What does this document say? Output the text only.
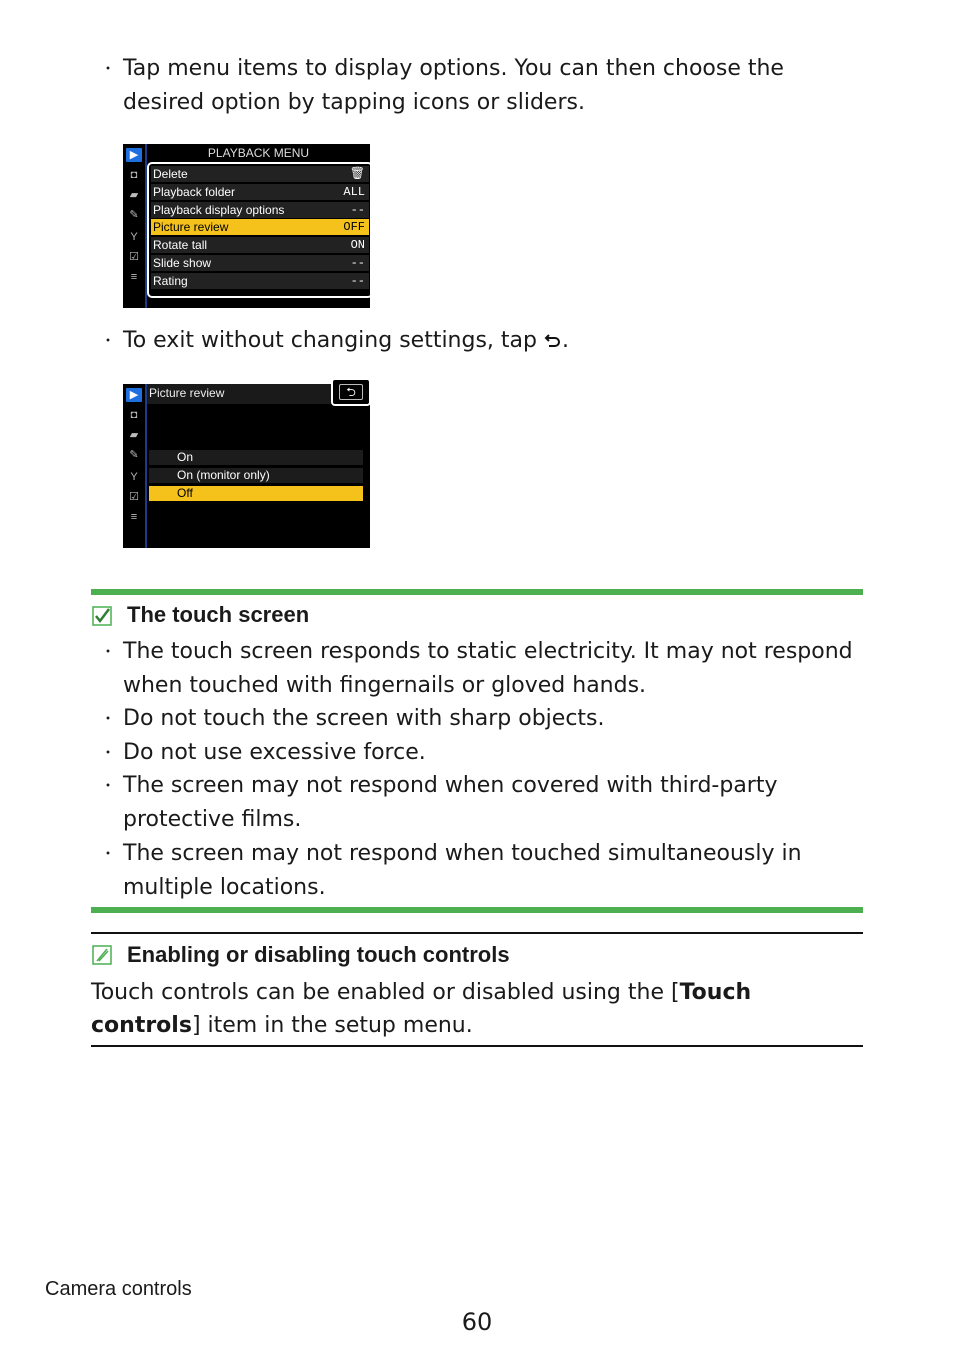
・ Tap menu items to display options. You can then choose the desired option by tapping icons or sliders.
▶
◘
▰
✎
Y
☑
≡
PLAYBACK MENU
Delete	🗑
Playback folder	ALL
Playback display options	--
Picture review	OFF
Rotate tall	ON
Slide show	--
Rating	--
・ To exit without changing settings, tap .
▶
◘
▰
✎
Y
☑
≡
Picture review	⮌
On
On (monitor only)
Off
The touch screen
・ The touch screen responds to static electricity. It may not respond when touched with fingernails or gloved hands.
・ Do not touch the screen with sharp objects.
・ Do not use excessive force.
・ The screen may not respond when covered with third-party protective films.
・ The screen may not respond when touched simultaneously in multiple locations.
Enabling or disabling touch controls
Touch controls can be enabled or disabled using the [Touch controls] item in the setup menu.
Camera controls
60
